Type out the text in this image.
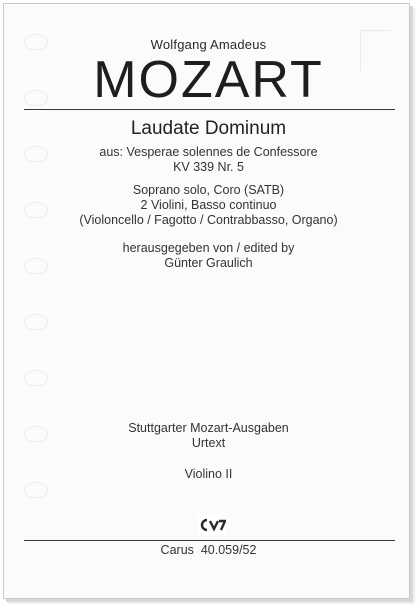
Wolfgang Amadeus
MOZART
Laudate Dominum
aus: Vesperae solennes de Confessore
KV 339 Nr. 5
Soprano solo, Coro (SATB)
2 Violini, Basso continuo
(Violoncello / Fagotto / Contrabbasso, Organo)
herausgegeben von / edited by
Günter Graulich
Stuttgarter Mozart-Ausgaben
Urtext
Violino II
Carus  40.059/52
